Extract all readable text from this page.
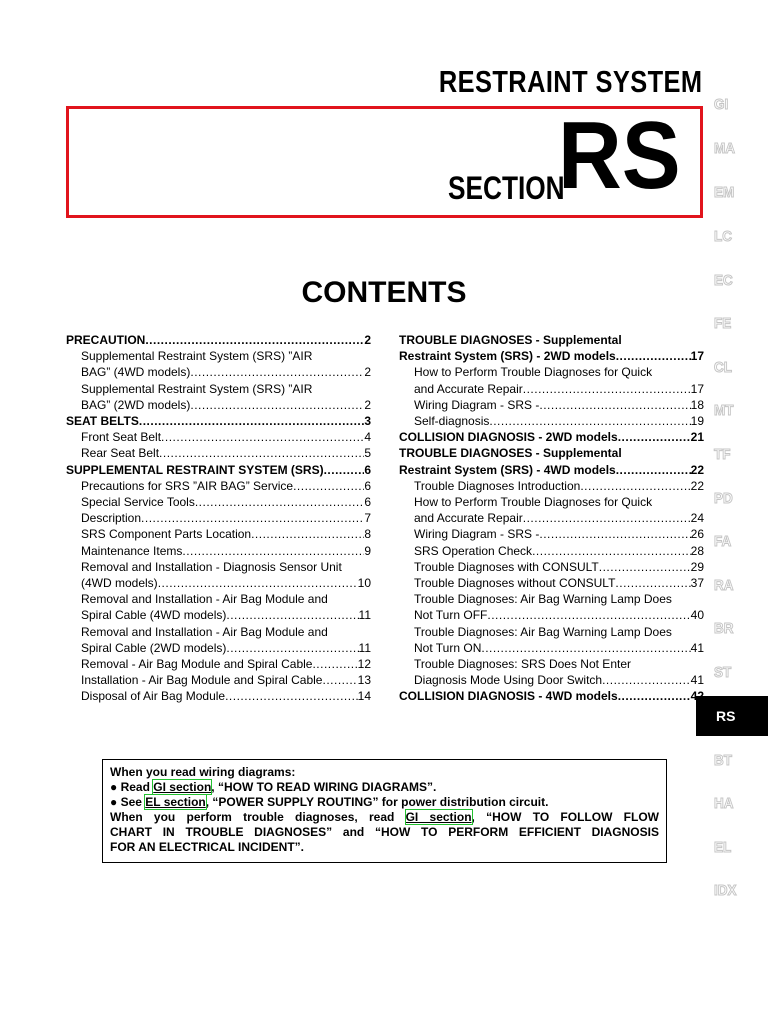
RESTRAINT SYSTEM
SECTION
RS GI
MA
EM
LC
EC
FE
CL
MT
TF
PD
FA
RA
BR
ST
RS
BT
HA
EL
IDX
CONTENTS
PRECAUTION .....	2
Supplemental Restraint System (SRS) ”AIR
BAG” (4WD models) .....	2
Supplemental Restraint System (SRS) ”AIR
BAG” (2WD models) .....	2
SEAT BELTS .....	3
Front Seat Belt .....	4
Rear Seat Belt .....	5
SUPPLEMENTAL RESTRAINT SYSTEM (SRS) .....	6
Precautions for SRS ”AIR BAG” Service .....	6
Special Service Tools .....	6
Description .....	7
SRS Component Parts Location .....	8
Maintenance Items .....	9
Removal and Installation - Diagnosis Sensor Unit
(4WD models) .....	10
Removal and Installation - Air Bag Module and
Spiral Cable (4WD models) .....	11
Removal and Installation - Air Bag Module and
Spiral Cable (2WD models) .....	11
Removal - Air Bag Module and Spiral Cable .....	12
Installation - Air Bag Module and Spiral Cable .....	13
Disposal of Air Bag Module .....	14
TROUBLE DIAGNOSES - Supplemental
Restraint System (SRS) - 2WD models .....	17
How to Perform Trouble Diagnoses for Quick
and Accurate Repair .....	17
Wiring Diagram - SRS - .....	18
Self-diagnosis .....	19
COLLISION DIAGNOSIS - 2WD models .....	21
TROUBLE DIAGNOSES - Supplemental
Restraint System (SRS) - 4WD models .....	22
Trouble Diagnoses Introduction .....	22
How to Perform Trouble Diagnoses for Quick
and Accurate Repair .....	24
Wiring Diagram - SRS - .....	26
SRS Operation Check .....	28
Trouble Diagnoses with CONSULT .....	29
Trouble Diagnoses without CONSULT .....	37
Trouble Diagnoses: Air Bag Warning Lamp Does
Not Turn OFF .....	40
Trouble Diagnoses: Air Bag Warning Lamp Does
Not Turn ON .....	41
Trouble Diagnoses: SRS Does Not Enter
Diagnosis Mode Using Door Switch .....	41
COLLISION DIAGNOSIS - 4WD models .....	42
When you read wiring diagrams:
● Read GI section, “HOW TO READ WIRING DIAGRAMS”.
● See EL section, “POWER SUPPLY ROUTING” for power distribution circuit.
When you perform trouble diagnoses, read GI section, “HOW TO FOLLOW FLOW
CHART IN TROUBLE DIAGNOSES” and “HOW TO PERFORM EFFICIENT DIAGNOSIS
FOR AN ELECTRICAL INCIDENT”.
